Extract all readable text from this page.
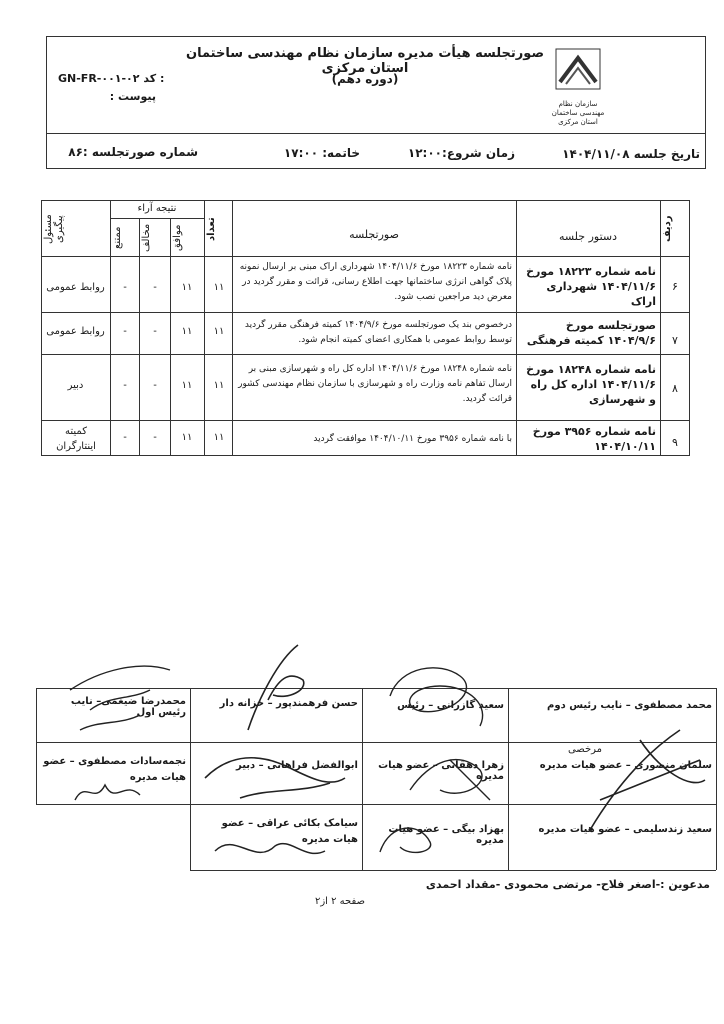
سازمان نظام مهندسی ساختمان
استان مرکزی
صورتجلسه هیأت مدیره سازمان نظام مهندسی ساختمان استان مرکزی
(دوره دهم)
GN-FR-۰۰۱-۰۲ کد :
پیوست :
تاریخ جلسه ۱۴۰۴/۱۱/۰۸
زمان شروع:۱۲:۰۰
خاتمه: ۱۷:۰۰
شماره صورتجلسه :۸۶
ردیف
دستور جلسه
صورتجلسه
تعداد
نتیجه آراء
موافق
مخالف
ممتنع
مسئول پیگیری
۶
نامه شماره ۱۸۲۲۳ مورخ ۱۴۰۴/۱۱/۶ شهرداری اراک
نامه شماره ۱۸۲۲۳ مورخ ۱۴۰۴/۱۱/۶ شهرداری اراک مبنی بر ارسال نمونه پلاک گواهی انرژی ساختمانها جهت اطلاع رسانی، قرائت و مقرر گردید در معرض دید مراجعین نصب شود.
۱۱
۱۱
-
-
روابط عمومی
۷
صورتجلسه مورخ ۱۴۰۴/۹/۶ کمیته فرهنگی
درخصوص بند یک صورتجلسه مورخ ۱۴۰۴/۹/۶ کمیته فرهنگی مقرر گردید توسط روابط عمومی با همکاری اعضای کمیته انجام شود.
۱۱
۱۱
-
-
روابط عمومی
۸
نامه شماره ۱۸۲۴۸ مورخ ۱۴۰۴/۱۱/۶ اداره کل راه و شهرسازی
نامه شماره ۱۸۲۴۸ مورخ ۱۴۰۴/۱۱/۶ اداره کل راه و شهرسازی مبنی بر ارسال تفاهم نامه وزارت راه و شهرسازی با سازمان نظام مهندسی کشور قرائت گردید.
۱۱
۱۱
-
-
دبیر
۹
نامه شماره ۳۹۵۶ مورخ ۱۴۰۴/۱۰/۱۱
با نامه شماره ۳۹۵۶ مورخ ۱۴۰۴/۱۰/۱۱ موافقت گردید
۱۱
۱۱
-
-
کمیته اینتارگران
محمد مصطفوی – نایب رئیس دوم
سعید گازرانی – رئیس
حسن فرهمندپور – خزانه دار
محمدرضا ضیغمی– نایب رئیس اول
مرخصی
سلمان منصوری – عضو هیات مدیره
زهرا دهقانی – عضو هیات مدیره
ابوالفضل فراهانی – دبیر
نجمه‌سادات مصطفوی – عضو هیات مدیره
سعید زندسلیمی – عضو هیات مدیره
بهزاد بیگی – عضو هیات مدیره
سیامک بکائی عراقی – عضو هیات مدیره
مدعوین :-اصغر فلاح- مرتضی محمودی -مقداد احمدی
صفحه ۲ از۲
